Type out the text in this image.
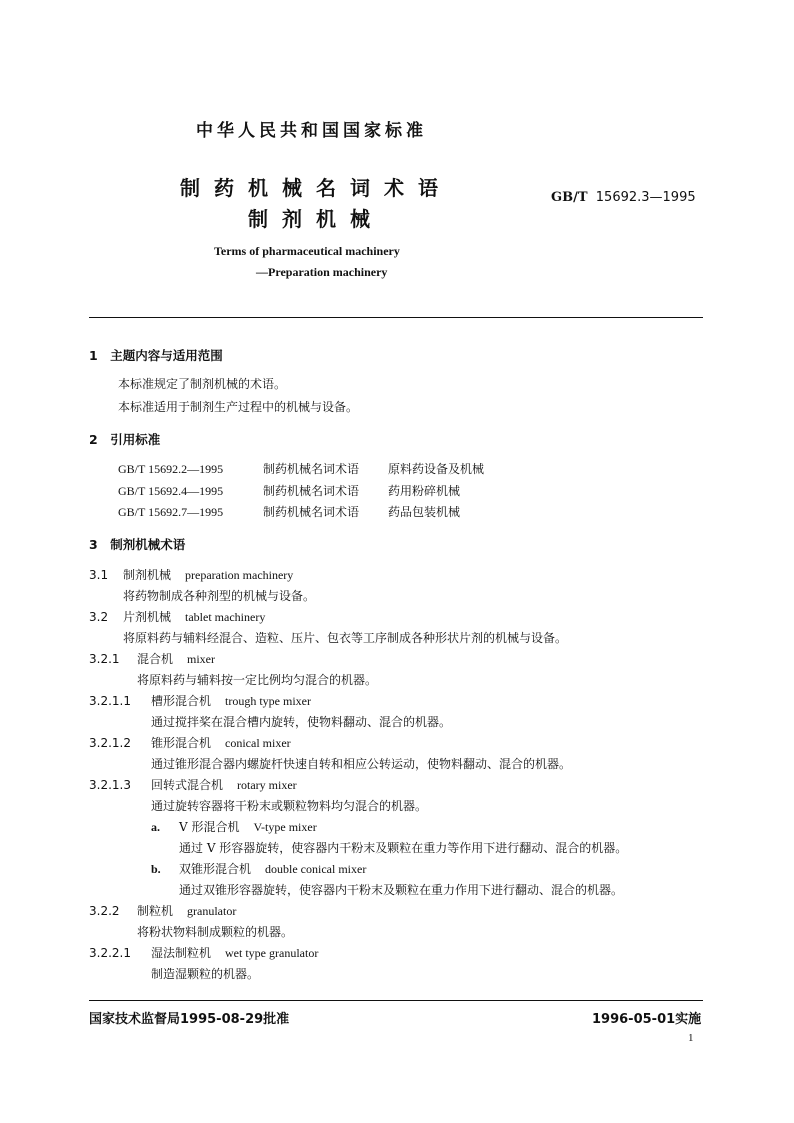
中华人民共和国国家标准
制药机械名词术语
制剂机械
GB/T 15692.3—1995
Terms of pharmaceutical machinery
—Preparation machinery
1　主题内容与适用范围
本标准规定了制剂机械的术语。
本标准适用于制剂生产过程中的机械与设备。
2　引用标准
GB/T 15692.2—1995	制药机械名词术语 原料药设备及机械
GB/T 15692.4—1995	制药机械名词术语 药用粉碎机械
GB/T 15692.7—1995	制药机械名词术语 药品包装机械
3　制剂机械术语
3.1 制剂机械 preparation machinery
将药物制成各种剂型的机械与设备。
3.2 片剂机械 tablet machinery
将原料药与辅料经混合、造粒、压片、包衣等工序制成各种形状片剂的机械与设备。
3.2.1 混合机 mixer
将原料药与辅料按一定比例均匀混合的机器。
3.2.1.1 槽形混合机 trough type mixer
通过搅拌桨在混合槽内旋转，使物料翻动、混合的机器。
3.2.1.2 锥形混合机 conical mixer
通过锥形混合器内螺旋杆快速自转和相应公转运动，使物料翻动、混合的机器。
3.2.1.3 回转式混合机 rotary mixer
通过旋转容器将干粉末或颗粒物料均匀混合的机器。
a. V 形混合机 V-type mixer
通过 V 形容器旋转，使容器内干粉末及颗粒在重力等作用下进行翻动、混合的机器。
b. 双锥形混合机 double conical mixer
通过双锥形容器旋转，使容器内干粉末及颗粒在重力作用下进行翻动、混合的机器。
3.2.2 制粒机 granulator
将粉状物料制成颗粒的机器。
3.2.2.1 湿法制粒机 wet type granulator
制造湿颗粒的机器。
国家技术监督局1995-08-29批准	1996-05-01实施
1
